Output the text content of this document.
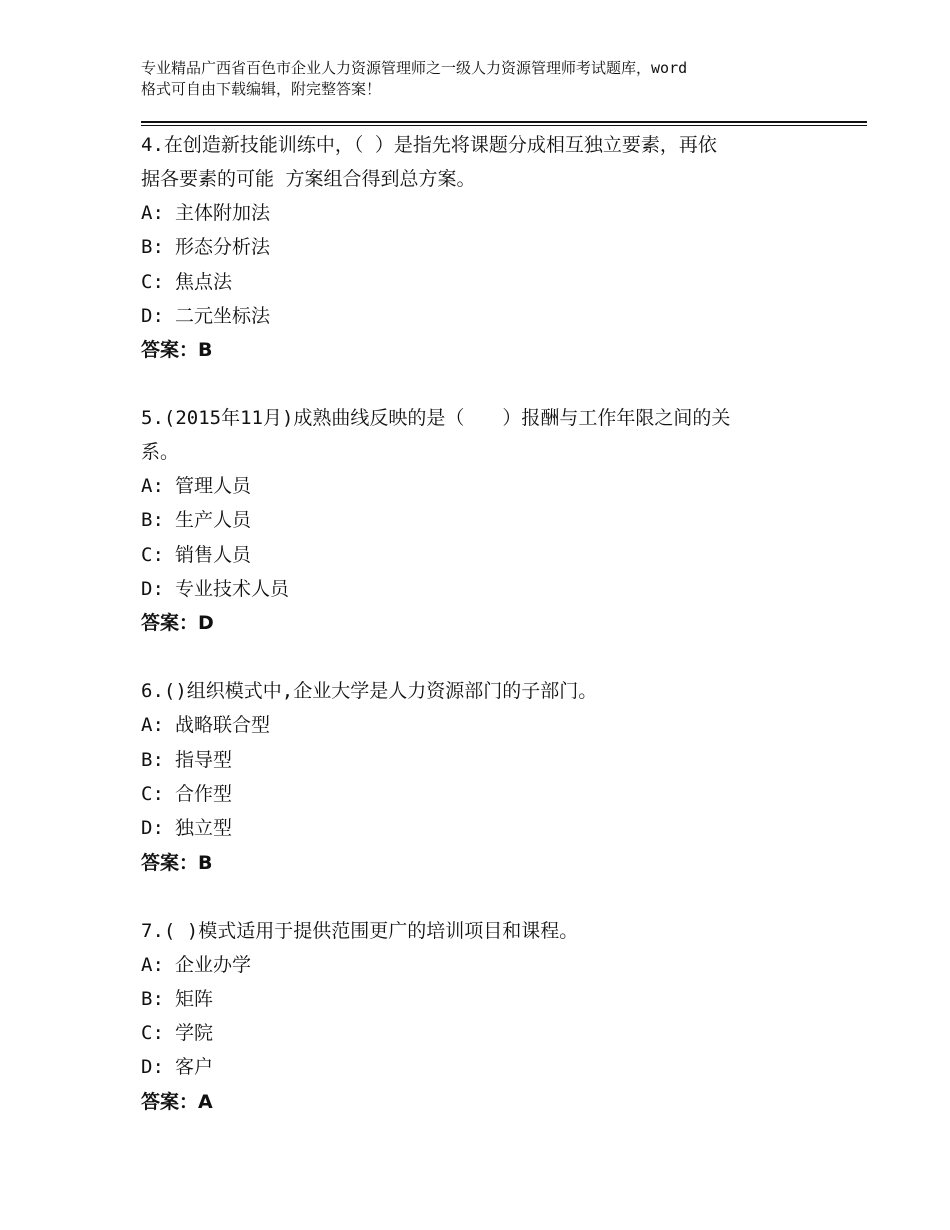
专业精品广西省百色市企业人力资源管理师之一级人力资源管理师考试题库，word
格式可自由下载编辑，附完整答案！

4.在创造新技能训练中，（ ）是指先将课题分成相互独立要素，再依

据各要素的可能 方案组合得到总方案。

A: 主体附加法

B: 形态分析法

C: 焦点法

D: 二元坐标法

答案：B

5.(2015年11月)成熟曲线反映的是（　　）报酬与工作年限之间的关

系。

A: 管理人员

B: 生产人员

C: 销售人员

D: 专业技术人员

答案：D

6.()组织模式中,企业大学是人力资源部门的子部门。

A: 战略联合型

B: 指导型

C: 合作型

D: 独立型

答案：B

7.( )模式适用于提供范围更广的培训项目和课程。

A: 企业办学

B: 矩阵

C: 学院

D: 客户

答案：A
